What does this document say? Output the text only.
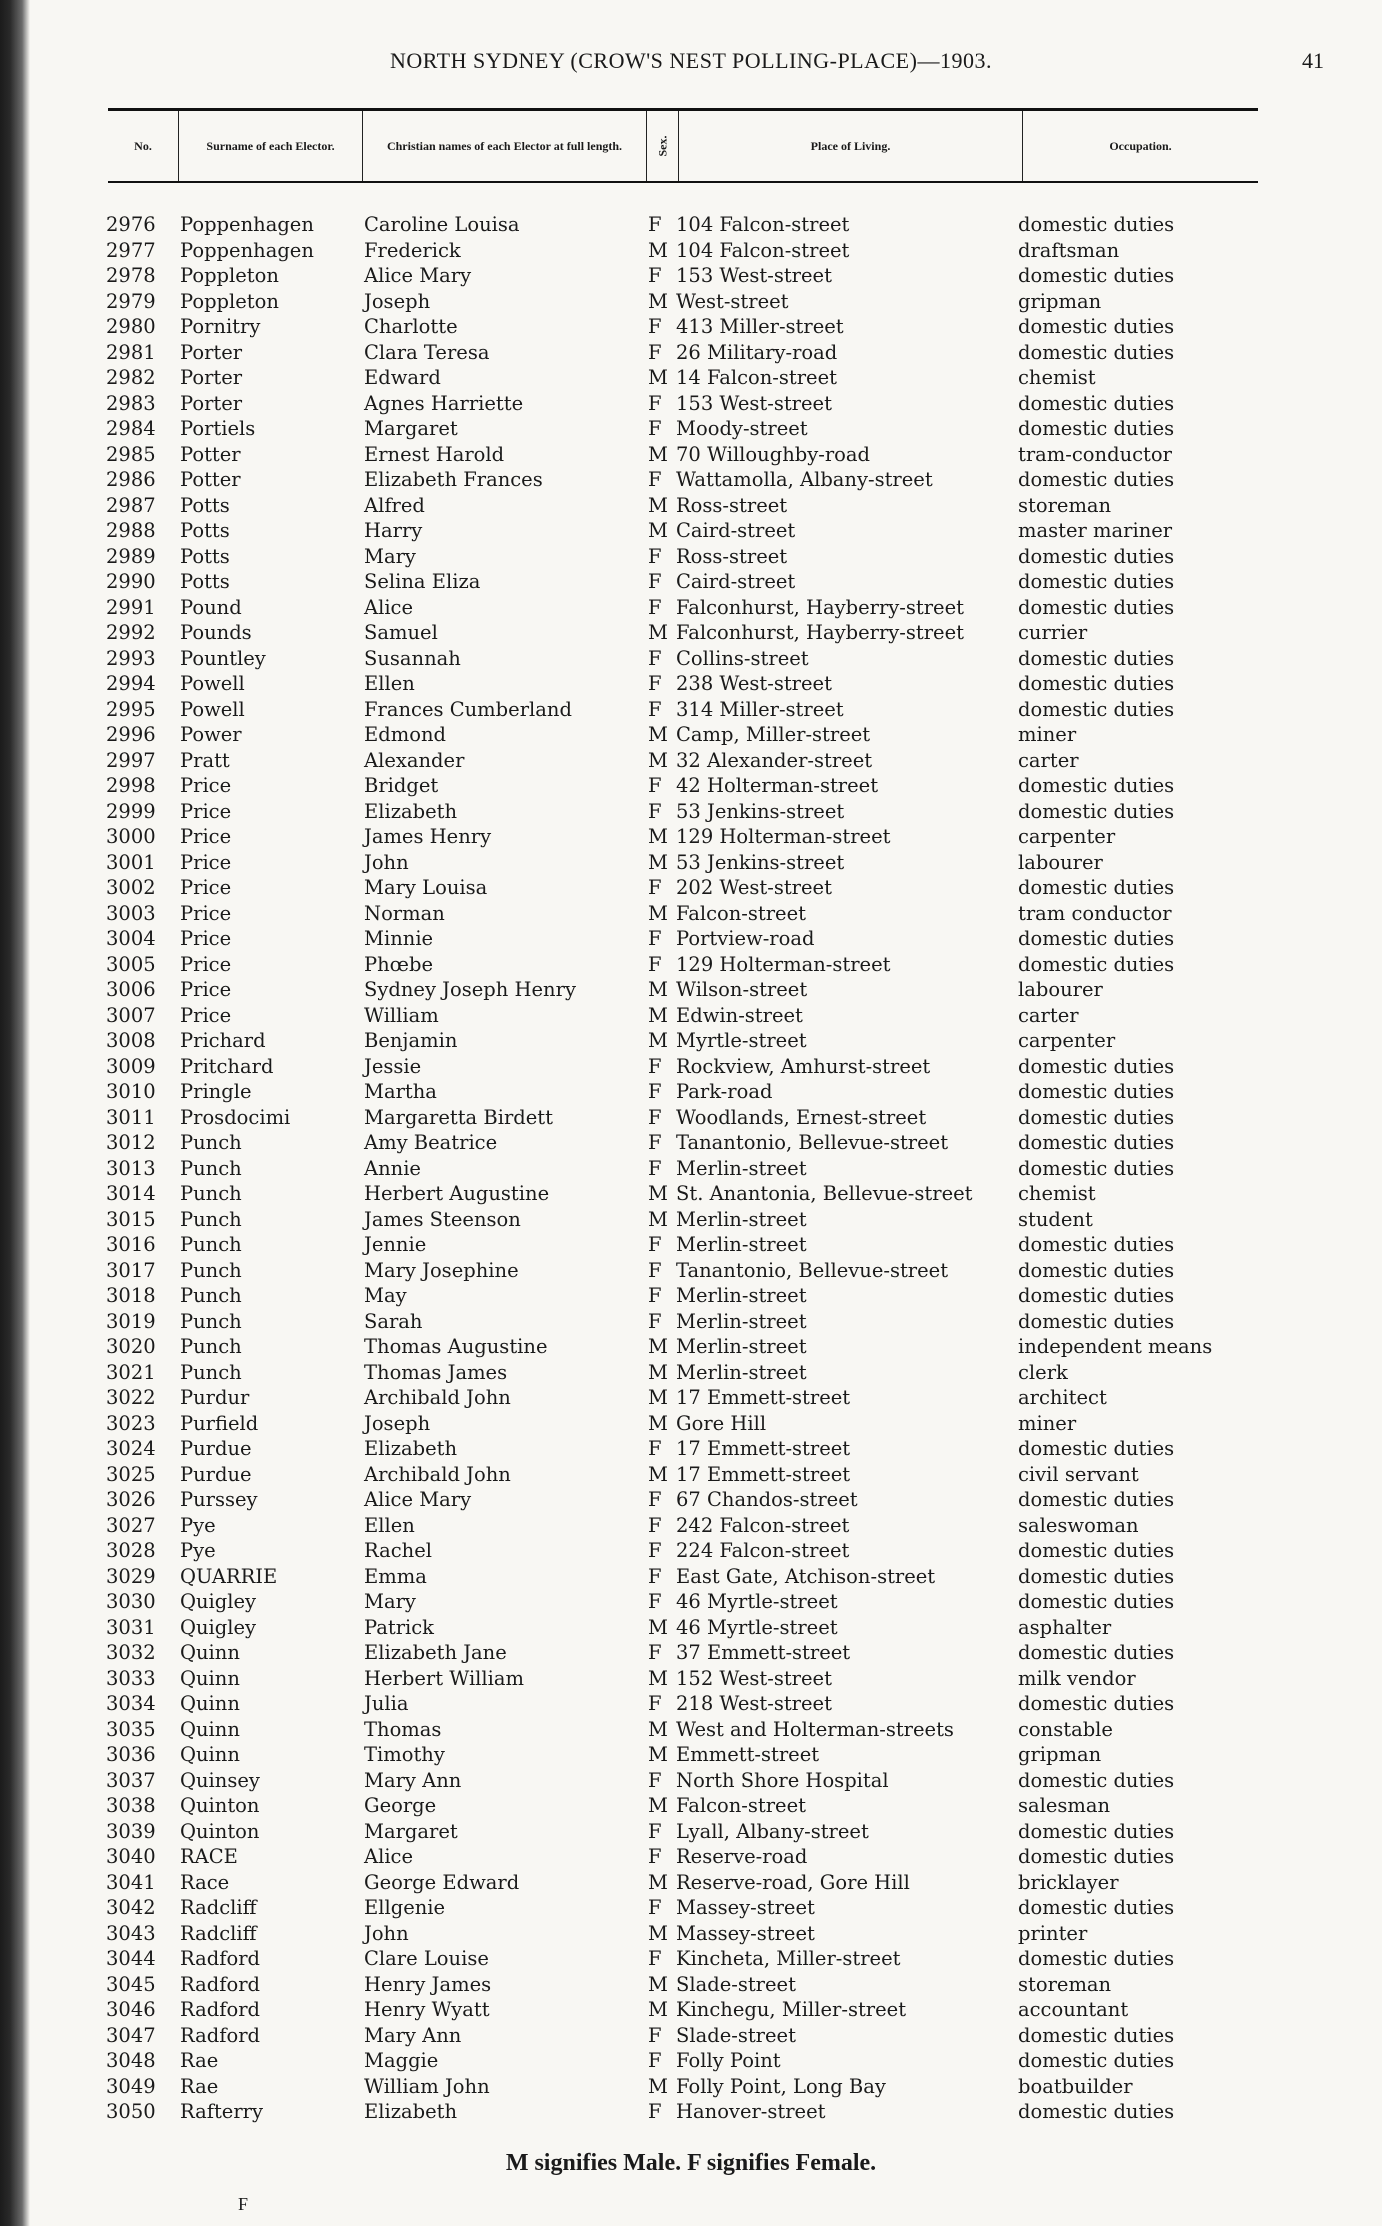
NORTH SYDNEY (CROW'S NEST POLLING-PLACE)—1903.	41
No.	Surname of each Elector.	Christian names of each Elector at full length.	Sex.	Place of Living.	Occupation.
2976	Poppenhagen	Caroline Louisa	F 104 Falcon-street	domestic duties
2977	Poppenhagen	Frederick	M 104 Falcon-street	draftsman
2978	Poppleton	Alice Mary	F 153 West-street	domestic duties
2979	Poppleton	Joseph	M West-street	gripman
2980	Pornitry	Charlotte	F 413 Miller-street	domestic duties
2981	Porter	Clara Teresa	F 26 Military-road	domestic duties
2982	Porter	Edward	M 14 Falcon-street	chemist
2983	Porter	Agnes Harriette	F 153 West-street	domestic duties
2984	Portiels	Margaret	F Moody-street	domestic duties
2985	Potter	Ernest Harold	M 70 Willoughby-road	tram-conductor
2986	Potter	Elizabeth Frances	F Wattamolla, Albany-street	domestic duties
2987	Potts	Alfred	M Ross-street	storeman
2988	Potts	Harry	M Caird-street	master mariner
2989	Potts	Mary	F Ross-street	domestic duties
2990	Potts	Selina Eliza	F Caird-street	domestic duties
2991	Pound	Alice	F Falconhurst, Hayberry-street	domestic duties
2992	Pounds	Samuel	M Falconhurst, Hayberry-street	currier
2993	Pountley	Susannah	F Collins-street	domestic duties
2994	Powell	Ellen	F 238 West-street	domestic duties
2995	Powell	Frances Cumberland	F 314 Miller-street	domestic duties
2996	Power	Edmond	M Camp, Miller-street	miner
2997	Pratt	Alexander	M 32 Alexander-street	carter
2998	Price	Bridget	F 42 Holterman-street	domestic duties
2999	Price	Elizabeth	F 53 Jenkins-street	domestic duties
3000	Price	James Henry	M 129 Holterman-street	carpenter
3001	Price	John	M 53 Jenkins-street	labourer
3002	Price	Mary Louisa	F 202 West-street	domestic duties
3003	Price	Norman	M Falcon-street	tram conductor
3004	Price	Minnie	F Portview-road	domestic duties
3005	Price	Phœbe	F 129 Holterman-street	domestic duties
3006	Price	Sydney Joseph Henry	M Wilson-street	labourer
3007	Price	William	M Edwin-street	carter
3008	Prichard	Benjamin	M Myrtle-street	carpenter
3009	Pritchard	Jessie	F Rockview, Amhurst-street	domestic duties
3010	Pringle	Martha	F Park-road	domestic duties
3011	Prosdocimi	Margaretta Birdett	F Woodlands, Ernest-street	domestic duties
3012	Punch	Amy Beatrice	F Tanantonio, Bellevue-street	domestic duties
3013	Punch	Annie	F Merlin-street	domestic duties
3014	Punch	Herbert Augustine	M St. Anantonia, Bellevue-street	chemist
3015	Punch	James Steenson	M Merlin-street	student
3016	Punch	Jennie	F Merlin-street	domestic duties
3017	Punch	Mary Josephine	F Tanantonio, Bellevue-street	domestic duties
3018	Punch	May	F Merlin-street	domestic duties
3019	Punch	Sarah	F Merlin-street	domestic duties
3020	Punch	Thomas Augustine	M Merlin-street	independent means
3021	Punch	Thomas James	M Merlin-street	clerk
3022	Purdur	Archibald John	M 17 Emmett-street	architect
3023	Purfield	Joseph	M Gore Hill	miner
3024	Purdue	Elizabeth	F 17 Emmett-street	domestic duties
3025	Purdue	Archibald John	M 17 Emmett-street	civil servant
3026	Purssey	Alice Mary	F 67 Chandos-street	domestic duties
3027	Pye	Ellen	F 242 Falcon-street	saleswoman
3028	Pye	Rachel	F 224 Falcon-street	domestic duties
3029	QUARRIE	Emma	F East Gate, Atchison-street	domestic duties
3030	Quigley	Mary	F 46 Myrtle-street	domestic duties
3031	Quigley	Patrick	M 46 Myrtle-street	asphalter
3032	Quinn	Elizabeth Jane	F 37 Emmett-street	domestic duties
3033	Quinn	Herbert William	M 152 West-street	milk vendor
3034	Quinn	Julia	F 218 West-street	domestic duties
3035	Quinn	Thomas	M West and Holterman-streets	constable
3036	Quinn	Timothy	M Emmett-street	gripman
3037	Quinsey	Mary Ann	F North Shore Hospital	domestic duties
3038	Quinton	George	M Falcon-street	salesman
3039	Quinton	Margaret	F Lyall, Albany-street	domestic duties
3040	RACE	Alice	F Reserve-road	domestic duties
3041	Race	George Edward	M Reserve-road, Gore Hill	bricklayer
3042	Radcliff	Ellgenie	F Massey-street	domestic duties
3043	Radcliff	John	M Massey-street	printer
3044	Radford	Clare Louise	F Kincheta, Miller-street	domestic duties
3045	Radford	Henry James	M Slade-street	storeman
3046	Radford	Henry Wyatt	M Kinchegu, Miller-street	accountant
3047	Radford	Mary Ann	F Slade-street	domestic duties
3048	Rae	Maggie	F Folly Point	domestic duties
3049	Rae	William John	M Folly Point, Long Bay	boatbuilder
3050	Rafterry	Elizabeth	F Hanover-street	domestic duties
M signifies Male. F signifies Female.
F
